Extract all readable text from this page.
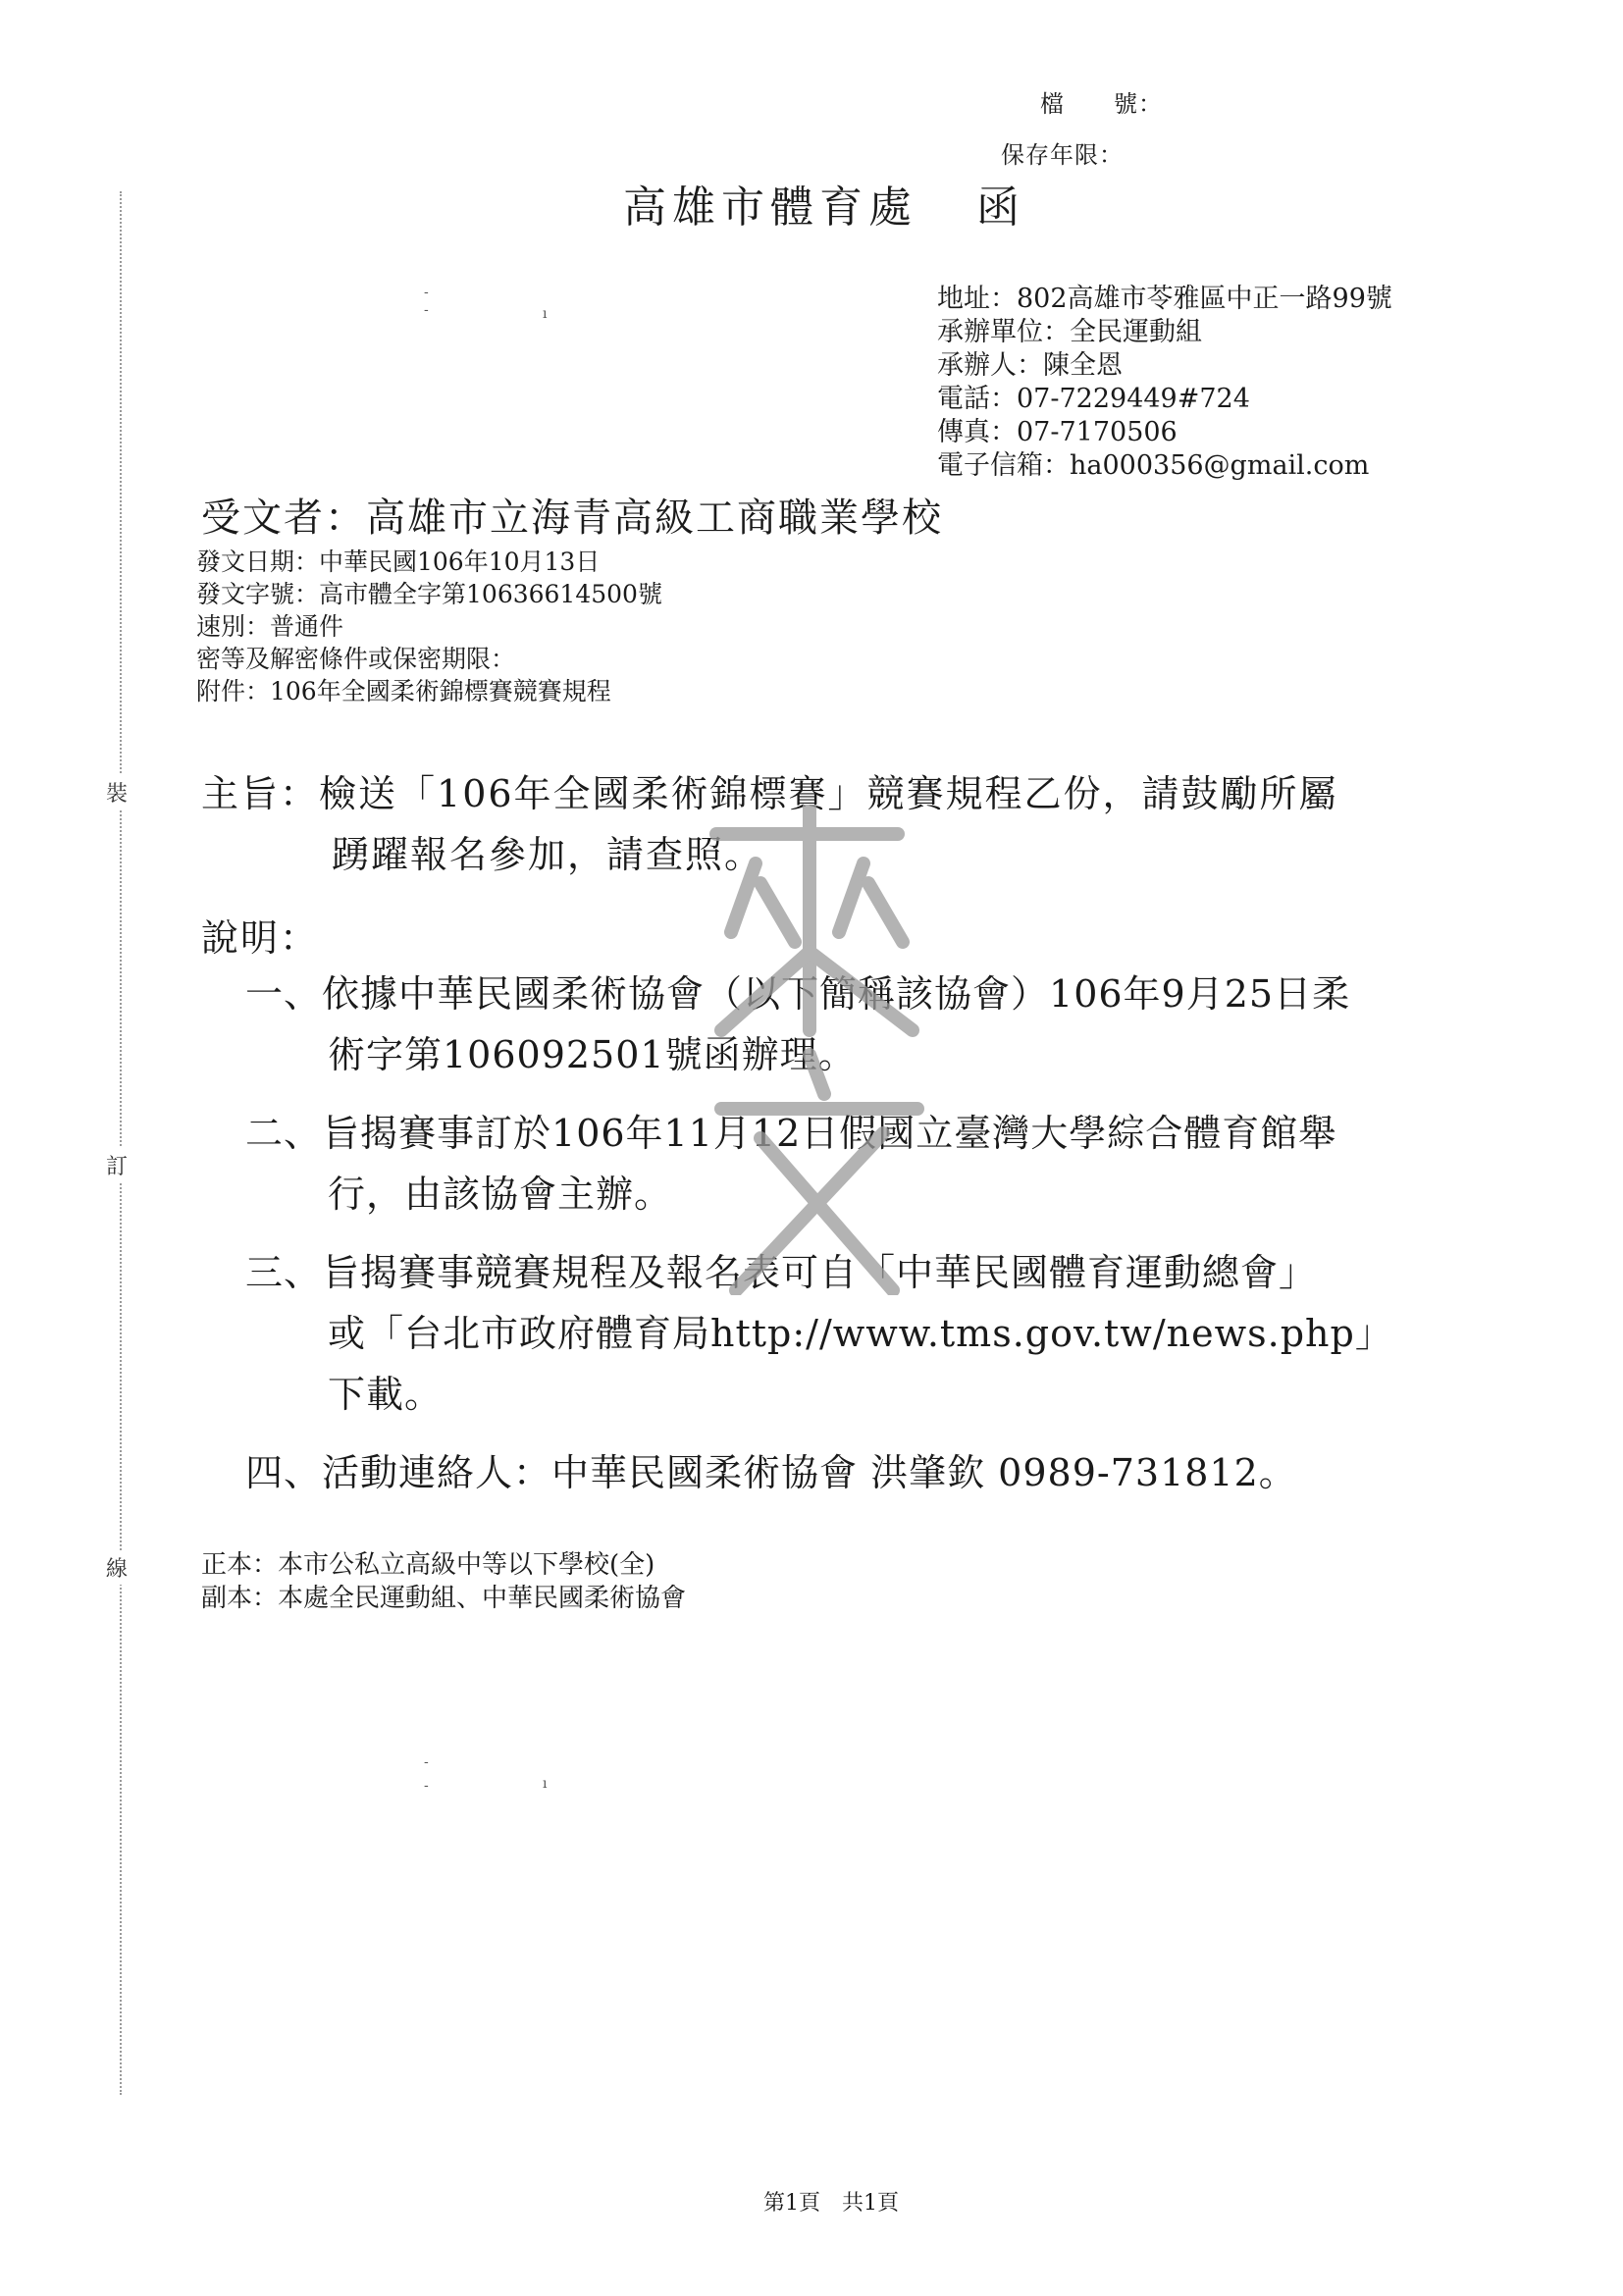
裝
訂
線
-
-	ı
-
-	ı
檔　　號：
保存年限：
高雄市體育處 函
地址：802高雄市苓雅區中正一路99號
承辦單位：全民運動組
承辦人：陳全恩
電話：07-7229449#724
傳真：07-7170506
電子信箱：ha000356@gmail.com
受文者：高雄市立海青高級工商職業學校
發文日期：中華民國106年10月13日
發文字號：高市體全字第10636614500號
速別：普通件
密等及解密條件或保密期限：
附件：106年全國柔術錦標賽競賽規程
主旨：檢送「106年全國柔術錦標賽」競賽規程乙份，請鼓勵所屬
踴躍報名參加，請查照。
說明：
一、依據中華民國柔術協會（以下簡稱該協會）106年9月25日柔
術字第106092501號函辦理。
二、旨揭賽事訂於106年11月12日假國立臺灣大學綜合體育館舉
行，由該協會主辦。
三、旨揭賽事競賽規程及報名表可自「中華民國體育運動總會」
或「台北市政府體育局http://www.tms.gov.tw/news.php」
下載。
四、活動連絡人：中華民國柔術協會 洪肇欽 0989-731812。
正本：本市公私立高級中等以下學校(全)
副本：本處全民運動組、中華民國柔術協會
第1頁　共1頁
